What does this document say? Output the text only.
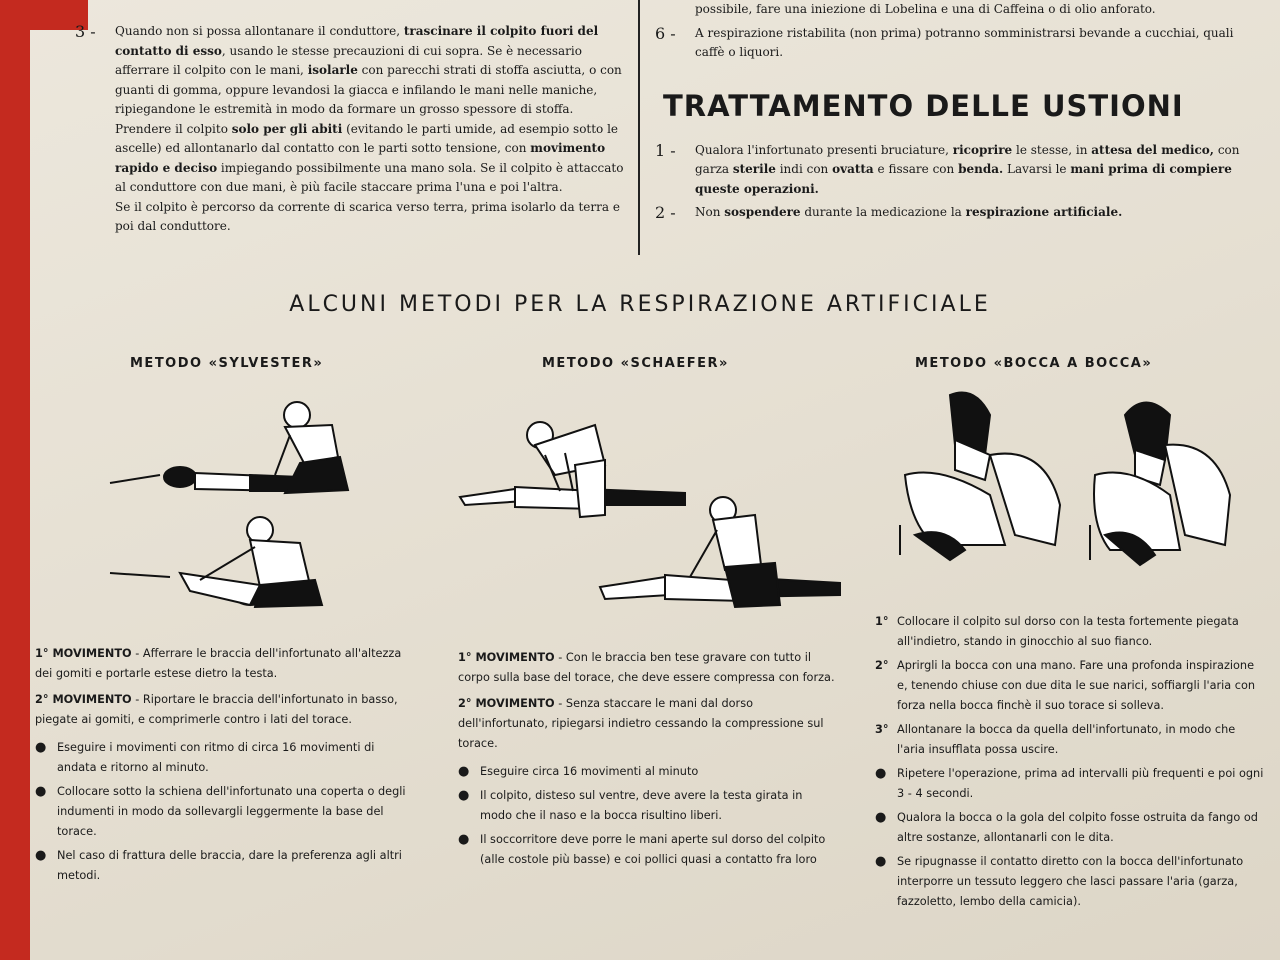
3 -	Quando non si possa allontanare il conduttore, trascinare il colpito fuori del contatto di esso, usando le stesse precauzioni di cui sopra. Se è necessario afferrare il colpito con le mani, isolarle con parecchi strati di stoffa asciutta, o con guanti di gomma, oppure levandosi la giacca e infilando le mani nelle maniche, ripiegandone le estremità in modo da formare un grosso spessore di stoffa. Prendere il colpito solo per gli abiti (evitando le parti umide, ad esempio sotto le ascelle) ed allontanarlo dal contatto con le parti sotto tensione, con movimento rapido e deciso impiegando possibilmente una mano sola. Se il colpito è attaccato al conduttore con due mani, è più facile staccare prima l'una e poi l'altra.
Se il colpito è percorso da corrente di scarica verso terra, prima isolarlo da terra e poi dal conduttore.

possibile, fare una iniezione di Lobelina e una di Caffeina o di olio anforato.

6 -	A respirazione ristabilita (non prima) potranno somministrarsi bevande a cucchiai, quali caffè o liquori.

TRATTAMENTO DELLE USTIONI
1 -	Qualora l'infortunato presenti bruciature, ricoprire le stesse, in attesa del medico, con garza sterile indi con ovatta e fissare con benda. Lavarsi le mani prima di compiere queste operazioni.

2 -	Non sospendere durante la medicazione la respirazione artificiale.

ALCUNI METODI PER LA RESPIRAZIONE ARTIFICIALE
METODO «SYLVESTER»	METODO «SCHAEFER»	METODO «BOCCA A BOCCA»
1° MOVIMENTO - Afferrare le braccia dell'infortunato all'altezza dei gomiti e portarle estese dietro la testa.
2° MOVIMENTO - Riportare le braccia dell'infortunato in basso, piegate ai gomiti, e comprimerle contro i lati del torace.
● Eseguire i movimenti con ritmo di circa 16 movimenti di andata e ritorno al minuto.
● Collocare sotto la schiena dell'infortunato una coperta o degli indumenti in modo da sollevargli leggermente la base del torace.
● Nel caso di frattura delle braccia, dare la preferenza agli altri metodi.
1° MOVIMENTO - Con le braccia ben tese gravare con tutto il corpo sulla base del torace, che deve essere compressa con forza.
2° MOVIMENTO - Senza staccare le mani dal dorso dell'infortunato, ripiegarsi indietro cessando la compressione sul torace.
● Eseguire circa 16 movimenti al minuto
● Il colpito, disteso sul ventre, deve avere la testa girata in modo che il naso e la bocca risultino liberi.
● Il soccorritore deve porre le mani aperte sul dorso del colpito (alle costole più basse) e coi pollici quasi a contatto fra loro
1° Collocare il colpito sul dorso con la testa fortemente piegata all'indietro, stando in ginocchio al suo fianco.
2° Aprirgli la bocca con una mano. Fare una profonda inspirazione e, tenendo chiuse con due dita le sue narici, soffiargli l'aria con forza nella bocca finchè il suo torace si solleva.
3° Allontanare la bocca da quella dell'infortunato, in modo che l'aria insufflata possa uscire.
● Ripetere l'operazione, prima ad intervalli più frequenti e poi ogni 3 - 4 secondi.
● Qualora la bocca o la gola del colpito fosse ostruita da fango od altre sostanze, allontanarli con le dita.
● Se ripugnasse il contatto diretto con la bocca dell'infortunato interporre un tessuto leggero che lasci passare l'aria (garza, fazzoletto, lembo della camicia).
